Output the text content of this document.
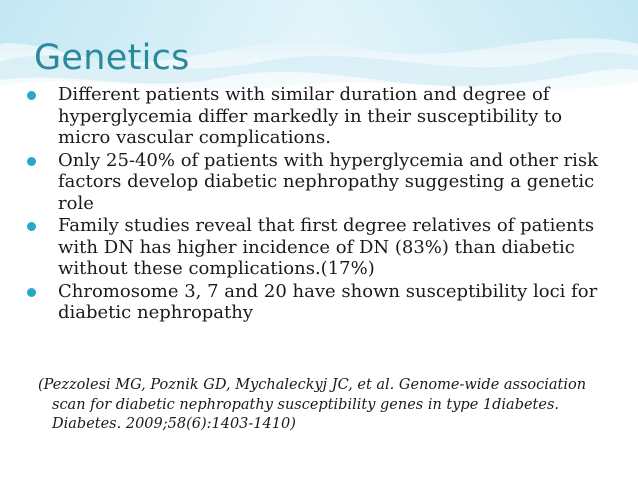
Genetics
Different patients with similar duration and degree of hyperglycemia differ markedly in their susceptibility to micro vascular complications.
Only 25-40% of patients with hyperglycemia and other risk factors develop diabetic nephropathy suggesting a genetic role
Family studies reveal that first degree relatives of patients with DN has higher incidence of DN (83%) than diabetic without these complications.(17%)
Chromosome 3, 7 and 20 have shown susceptibility loci for diabetic nephropathy

(Pezzolesi MG, Poznik GD, Mychaleckyj JC, et al. Genome-wide association scan for diabetic nephropathy susceptibility genes in type 1diabetes. Diabetes. 2009;58(6):1403-1410)
